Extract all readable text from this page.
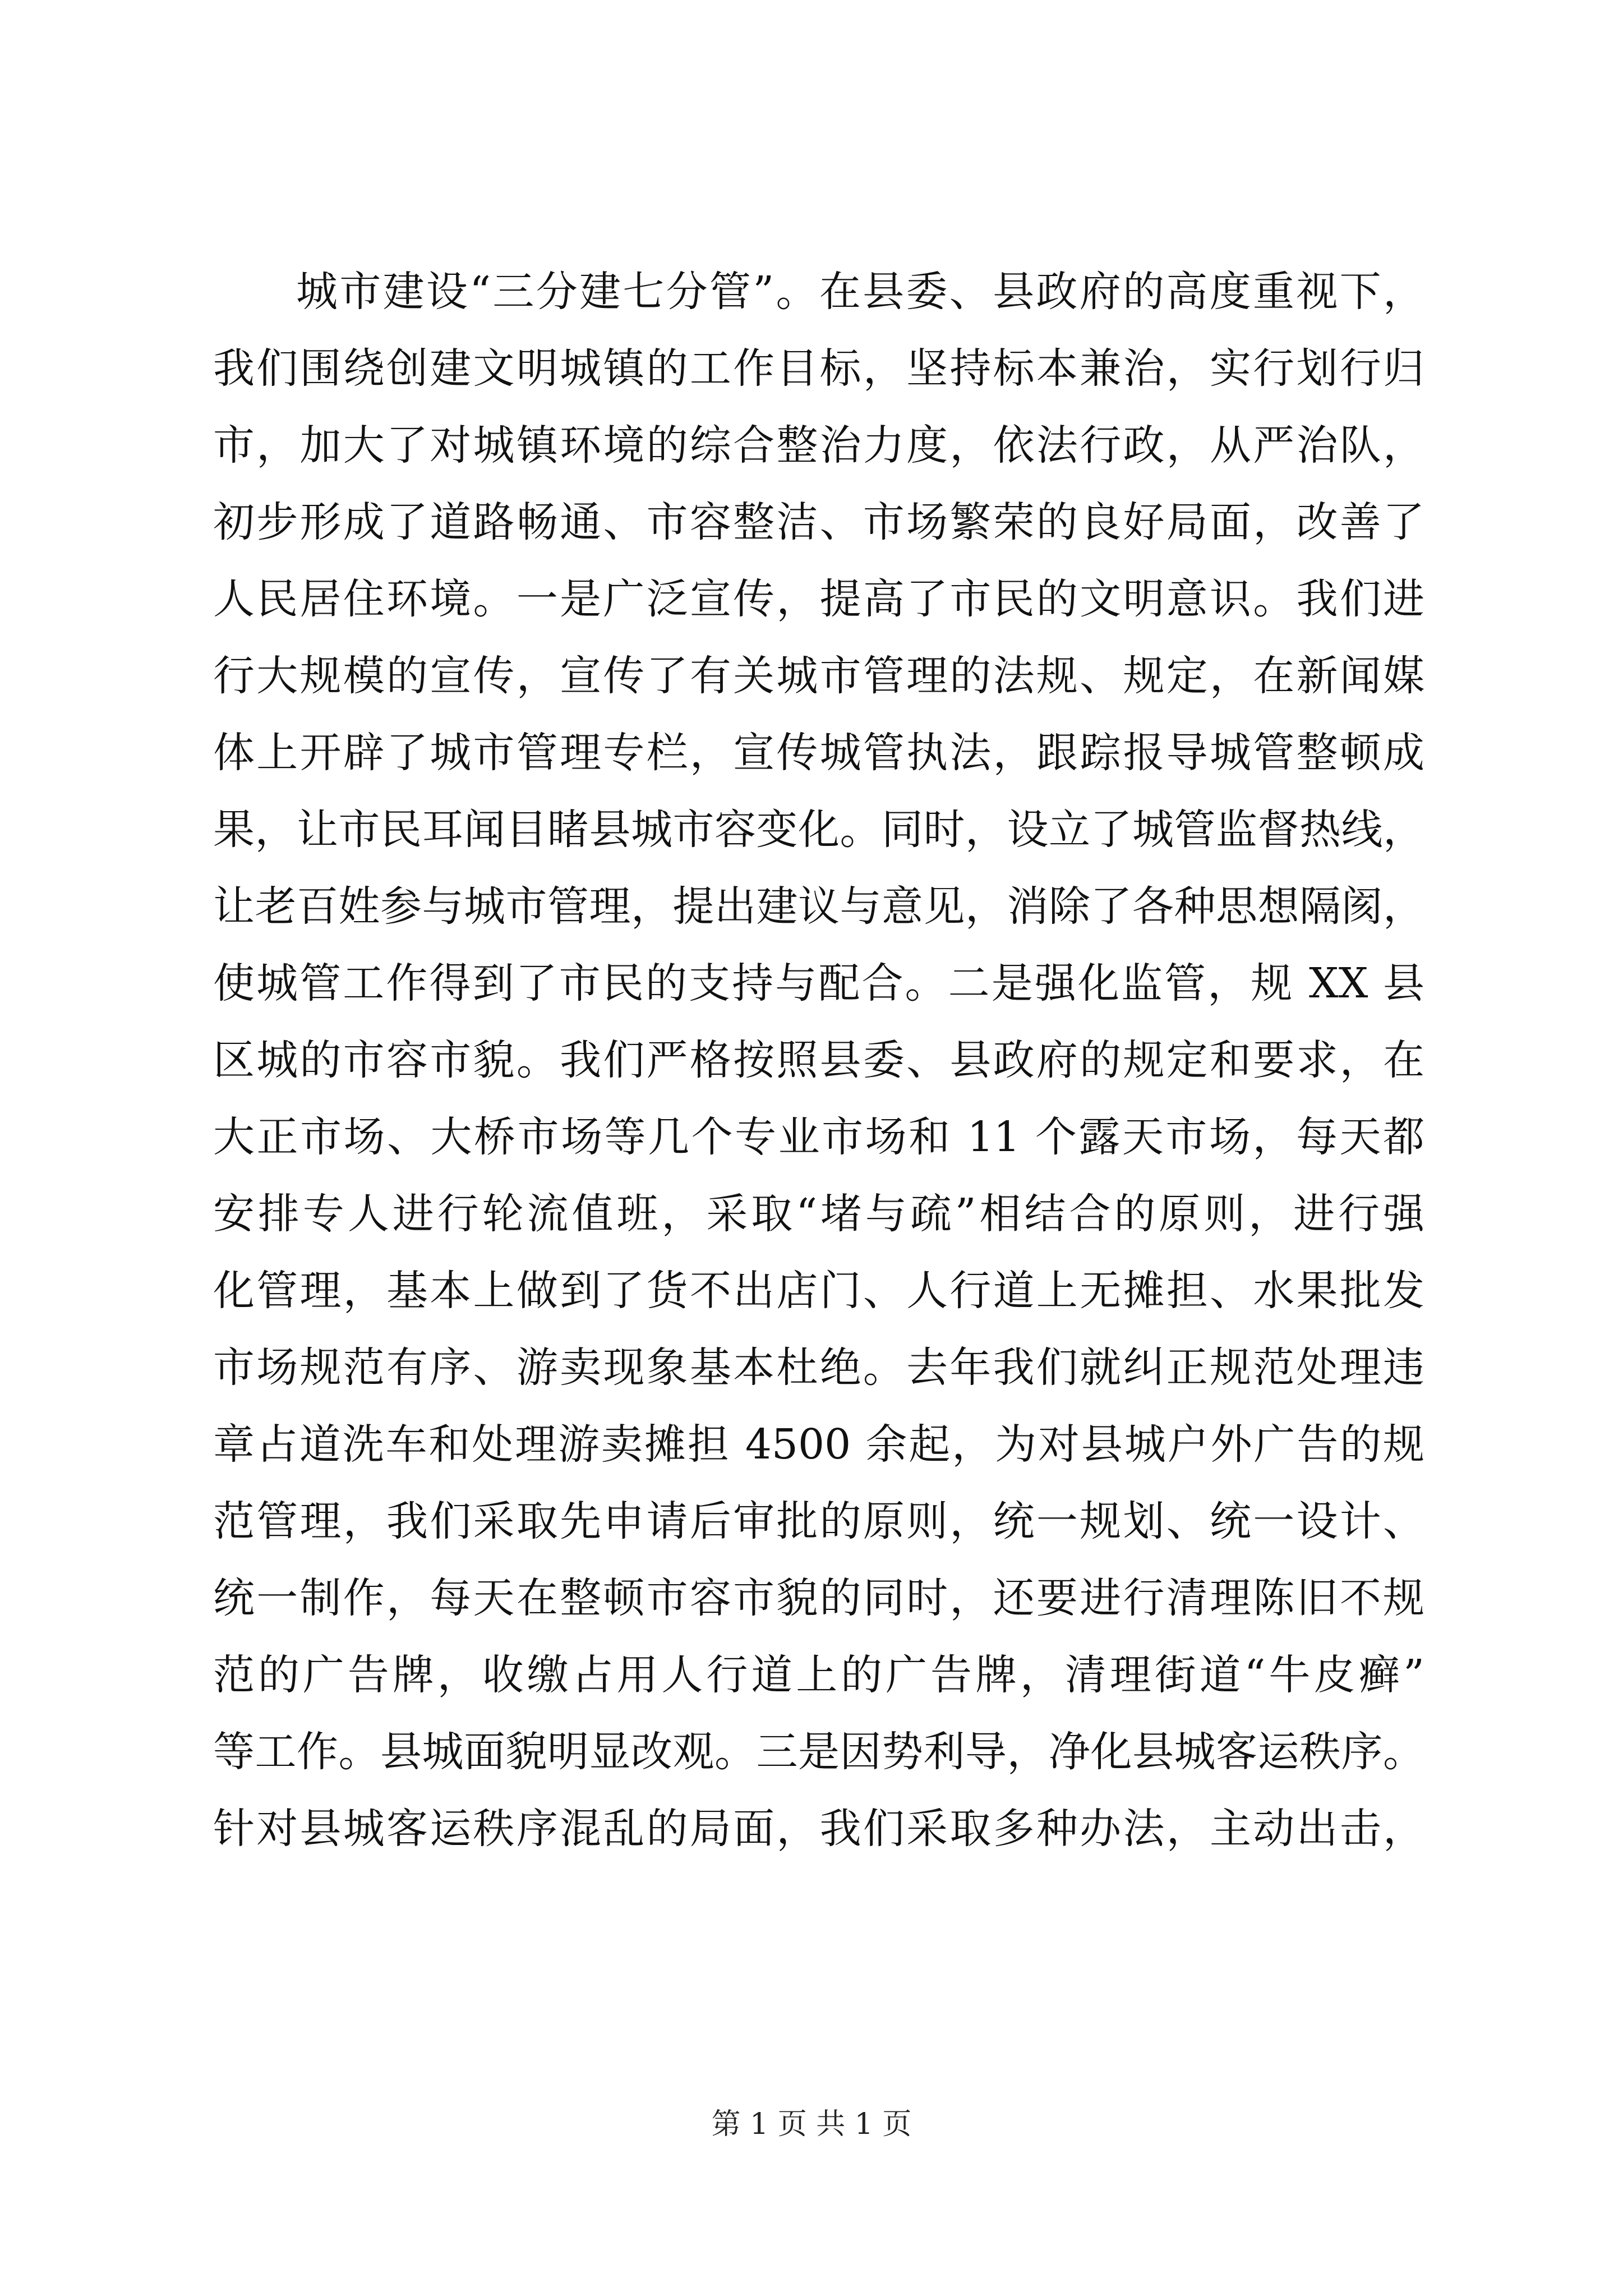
城市建设“三分建七分管”。在县委、县政府的高度重视下，
我们围绕创建文明城镇的工作目标，坚持标本兼治，实行划行归
市，加大了对城镇环境的综合整治力度，依法行政，从严治队，
初步形成了道路畅通、市容整洁、市场繁荣的良好局面，改善了
人民居住环境。一是广泛宣传，提高了市民的文明意识。我们进
行大规模的宣传，宣传了有关城市管理的法规、规定，在新闻媒
体上开辟了城市管理专栏，宣传城管执法，跟踪报导城管整顿成
果，让市民耳闻目睹县城市容变化。同时，设立了城管监督热线，
让老百姓参与城市管理，提出建议与意见，消除了各种思想隔阂，
使城管工作得到了市民的支持与配合。二是强化监管，规 XX 县
区城的市容市貌。我们严格按照县委、县政府的规定和要求，在
大正市场、大桥市场等几个专业市场和 11 个露天市场，每天都
安排专人进行轮流值班，采取“堵与疏”相结合的原则，进行强
化管理，基本上做到了货不出店门、人行道上无摊担、水果批发
市场规范有序、游卖现象基本杜绝。去年我们就纠正规范处理违
章占道洗车和处理游卖摊担 4500 余起，为对县城户外广告的规
范管理，我们采取先申请后审批的原则，统一规划、统一设计、
统一制作，每天在整顿市容市貌的同时，还要进行清理陈旧不规
范的广告牌，收缴占用人行道上的广告牌，清理街道“牛皮癣”
等工作。县城面貌明显改观。三是因势利导，净化县城客运秩序。
针对县城客运秩序混乱的局面，我们采取多种办法，主动出击，
第 1 页 共 1 页
